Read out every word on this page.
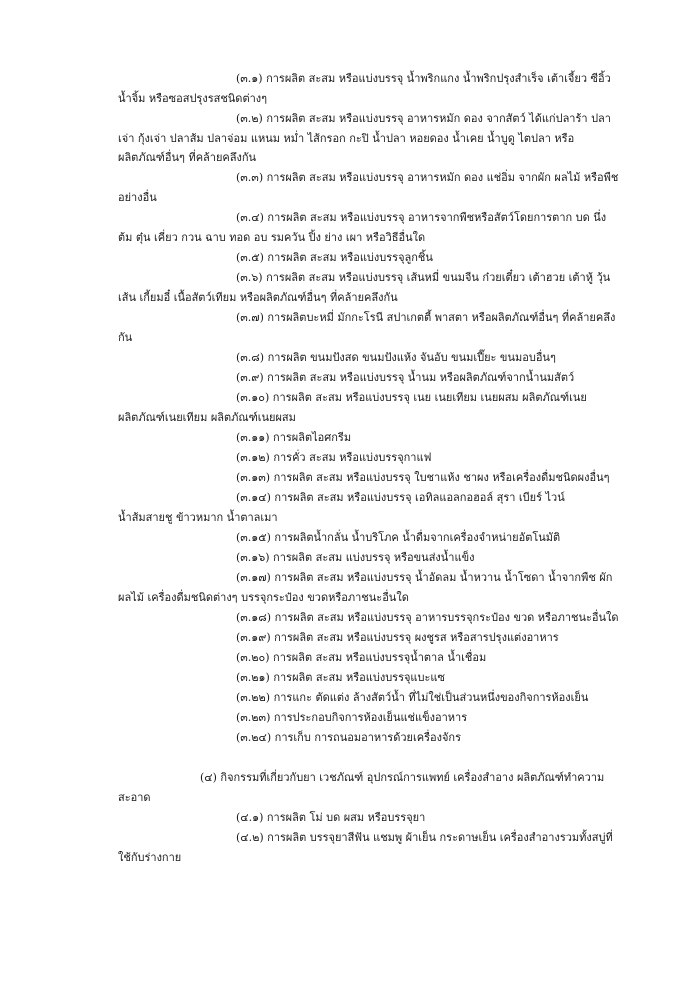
(๓.๑) การผลิต สะสม หรือแบ่งบรรจุ น้ำพริกแกง น้ำพริกปรุงสำเร็จ เต้าเจี้ยว ซีอิ้ว
น้ำจิ้ม หรือซอสปรุงรสชนิดต่างๆ
(๓.๒) การผลิต สะสม หรือแบ่งบรรจุ อาหารหมัก ดอง จากสัตว์ ได้แก่ปลาร้า ปลา
เจ่า กุ้งเจ่า ปลาส้ม ปลาจ่อม แหนม หม่ำ ไส้กรอก กะปิ น้ำปลา หอยดอง น้ำเคย น้ำบูดู ไตปลา หรือ
ผลิตภัณฑ์อื่นๆ ที่คล้ายคลึงกัน
(๓.๓) การผลิต สะสม หรือแบ่งบรรจุ อาหารหมัก ดอง แช่อิ่ม จากผัก ผลไม้ หรือพืช
อย่างอื่น
(๓.๔) การผลิต สะสม หรือแบ่งบรรจุ อาหารจากพืชหรือสัตว์โดยการตาก บด นึ่ง
ต้ม ตุ๋น เคี่ยว กวน ฉาบ ทอด อบ รมควัน ปิ้ง ย่าง เผา หรือวิธีอื่นใด
(๓.๕) การผลิต สะสม หรือแบ่งบรรจุลูกชิ้น
(๓.๖) การผลิต สะสม หรือแบ่งบรรจุ เส้นหมี่ ขนมจีน ก๋วยเตี๋ยว เต้าฮวย เต้าหู้ วุ้น
เส้น เกี้ยมอี๋ เนื้อสัตว์เทียม หรือผลิตภัณฑ์อื่นๆ ที่คล้ายคลึงกัน
(๓.๗) การผลิตบะหมี่ มักกะโรนี สปาเกตตี้ พาสตา หรือผลิตภัณฑ์อื่นๆ ที่คล้ายคลึง
กัน
(๓.๘) การผลิต ขนมปังสด ขนมปังแห้ง จันอับ ขนมเปี๊ยะ ขนมอบอื่นๆ
(๓.๙) การผลิต สะสม หรือแบ่งบรรจุ น้ำนม หรือผลิตภัณฑ์จากน้ำนมสัตว์
(๓.๑๐) การผลิต สะสม หรือแบ่งบรรจุ เนย เนยเทียม เนยผสม ผลิตภัณฑ์เนย
ผลิตภัณฑ์เนยเทียม ผลิตภัณฑ์เนยผสม
(๓.๑๑) การผลิตไอศกรีม
(๓.๑๒) การคั่ว สะสม หรือแบ่งบรรจุกาแฟ
(๓.๑๓) การผลิต สะสม หรือแบ่งบรรจุ ใบชาแห้ง ชาผง หรือเครื่องดื่มชนิดผงอื่นๆ
(๓.๑๔) การผลิต สะสม หรือแบ่งบรรจุ เอทิลแอลกอฮอล์ สุรา เบียร์ ไวน์
น้ำส้มสายชู ข้าวหมาก น้ำตาลเมา
(๓.๑๕) การผลิตน้ำกลั่น น้ำบริโภค น้ำดื่มจากเครื่องจำหน่ายอัตโนมัติ
(๓.๑๖) การผลิต สะสม แบ่งบรรจุ หรือขนส่งน้ำแข็ง
(๓.๑๗) การผลิต สะสม หรือแบ่งบรรจุ น้ำอัดลม น้ำหวาน น้ำโซดา น้ำจากพืช ผัก
ผลไม้ เครื่องดื่มชนิดต่างๆ บรรจุกระป๋อง ขวดหรือภาชนะอื่นใด
(๓.๑๘) การผลิต สะสม หรือแบ่งบรรจุ อาหารบรรจุกระป๋อง ขวด หรือภาชนะอื่นใด
(๓.๑๙) การผลิต สะสม หรือแบ่งบรรจุ ผงชูรส หรือสารปรุงแต่งอาหาร
(๓.๒๐) การผลิต สะสม หรือแบ่งบรรจุน้ำตาล น้ำเชื่อม
(๓.๒๑) การผลิต สะสม หรือแบ่งบรรจุแบะแซ
(๓.๒๒) การแกะ ตัดแต่ง ล้างสัตว์น้ำ ที่ไม่ใช่เป็นส่วนหนึ่งของกิจการห้องเย็น
(๓.๒๓) การประกอบกิจการห้องเย็นแช่แข็งอาหาร
(๓.๒๔) การเก็บ การถนอมอาหารด้วยเครื่องจักร
(๔) กิจกรรมที่เกี่ยวกับยา เวชภัณฑ์ อุปกรณ์การแพทย์ เครื่องสำอาง ผลิตภัณฑ์ทำความ
สะอาด
(๔.๑) การผลิต โม่ บด ผสม หรือบรรจุยา
(๔.๒) การผลิต บรรจุยาสีฟัน แชมพู ผ้าเย็น กระดาษเย็น เครื่องสำอางรวมทั้งสบู่ที่
ใช้กับร่างกาย
